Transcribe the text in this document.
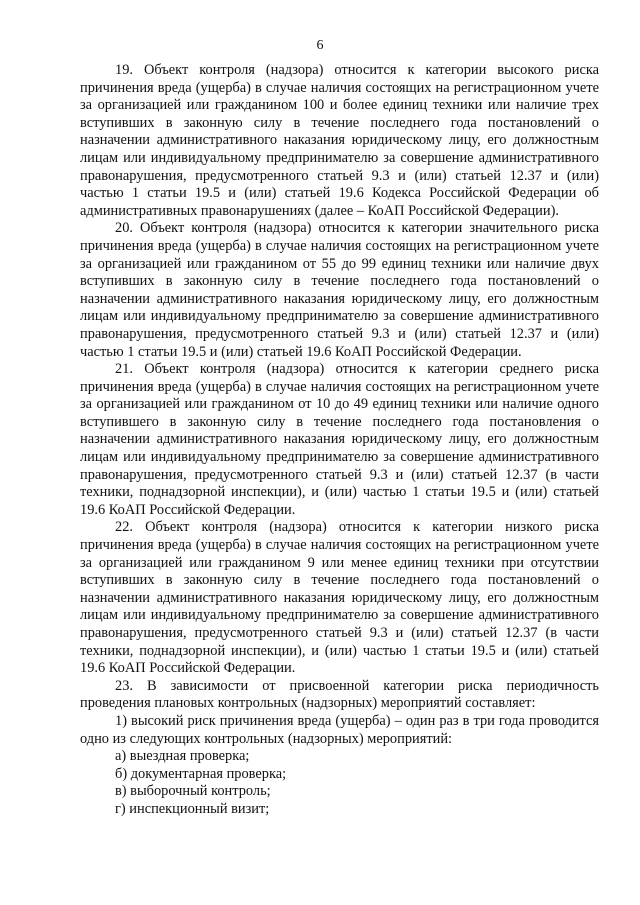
6

19. Объект контроля (надзора) относится к категории высокого риска причинения вреда (ущерба) в случае наличия состоящих на регистрационном учете за организацией или гражданином 100 и более единиц техники или наличие трех вступивших в законную силу в течение последнего года постановлений о назначении административного наказания юридическому лицу, его должностным лицам или индивидуальному предпринимателю за совершение административного правонарушения, предусмотренного статьей 9.3 и (или) статьей 12.37 и (или) частью 1 статьи 19.5 и (или) статьей 19.6 Кодекса Российской Федерации об административных правонарушениях (далее – КоАП Российской Федерации).

20. Объект контроля (надзора) относится к категории значительного риска причинения вреда (ущерба) в случае наличия состоящих на регистрационном учете за организацией или гражданином от 55 до 99 единиц техники или наличие двух вступивших в законную силу в течение последнего года постановлений о назначении административного наказания юридическому лицу, его должностным лицам или индивидуальному предпринимателю за совершение административного правонарушения, предусмотренного статьей 9.3 и (или) статьей 12.37 и (или) частью 1 статьи 19.5 и (или) статьей 19.6 КоАП Российской Федерации.

21. Объект контроля (надзора) относится к категории среднего риска причинения вреда (ущерба) в случае наличия состоящих на регистрационном учете за организацией или гражданином от 10 до 49 единиц техники или наличие одного вступившего в законную силу в течение последнего года постановления о назначении административного наказания юридическому лицу, его должностным лицам или индивидуальному предпринимателю за совершение административного правонарушения, предусмотренного статьей 9.3 и (или) статьей 12.37 (в части техники, поднадзорной инспекции), и (или) частью 1 статьи 19.5 и (или) статьей 19.6 КоАП Российской Федерации.

22. Объект контроля (надзора) относится к категории низкого риска причинения вреда (ущерба) в случае наличия состоящих на регистрационном учете за организацией или гражданином 9 или менее единиц техники при отсутствии вступивших в законную силу в течение последнего года постановлений о назначении административного наказания юридическому лицу, его должностным лицам или индивидуальному предпринимателю за совершение административного правонарушения, предусмотренного статьей 9.3 и (или) статьей 12.37 (в части техники, поднадзорной инспекции), и (или) частью 1 статьи 19.5 и (или) статьей 19.6 КоАП Российской Федерации.

23. В зависимости от присвоенной категории риска периодичность проведения плановых контрольных (надзорных) мероприятий составляет:

1) высокий риск причинения вреда (ущерба) – один раз в три года проводится одно из следующих контрольных (надзорных) мероприятий:

а) выездная проверка;

б) документарная проверка;

в) выборочный контроль;

г) инспекционный визит;
